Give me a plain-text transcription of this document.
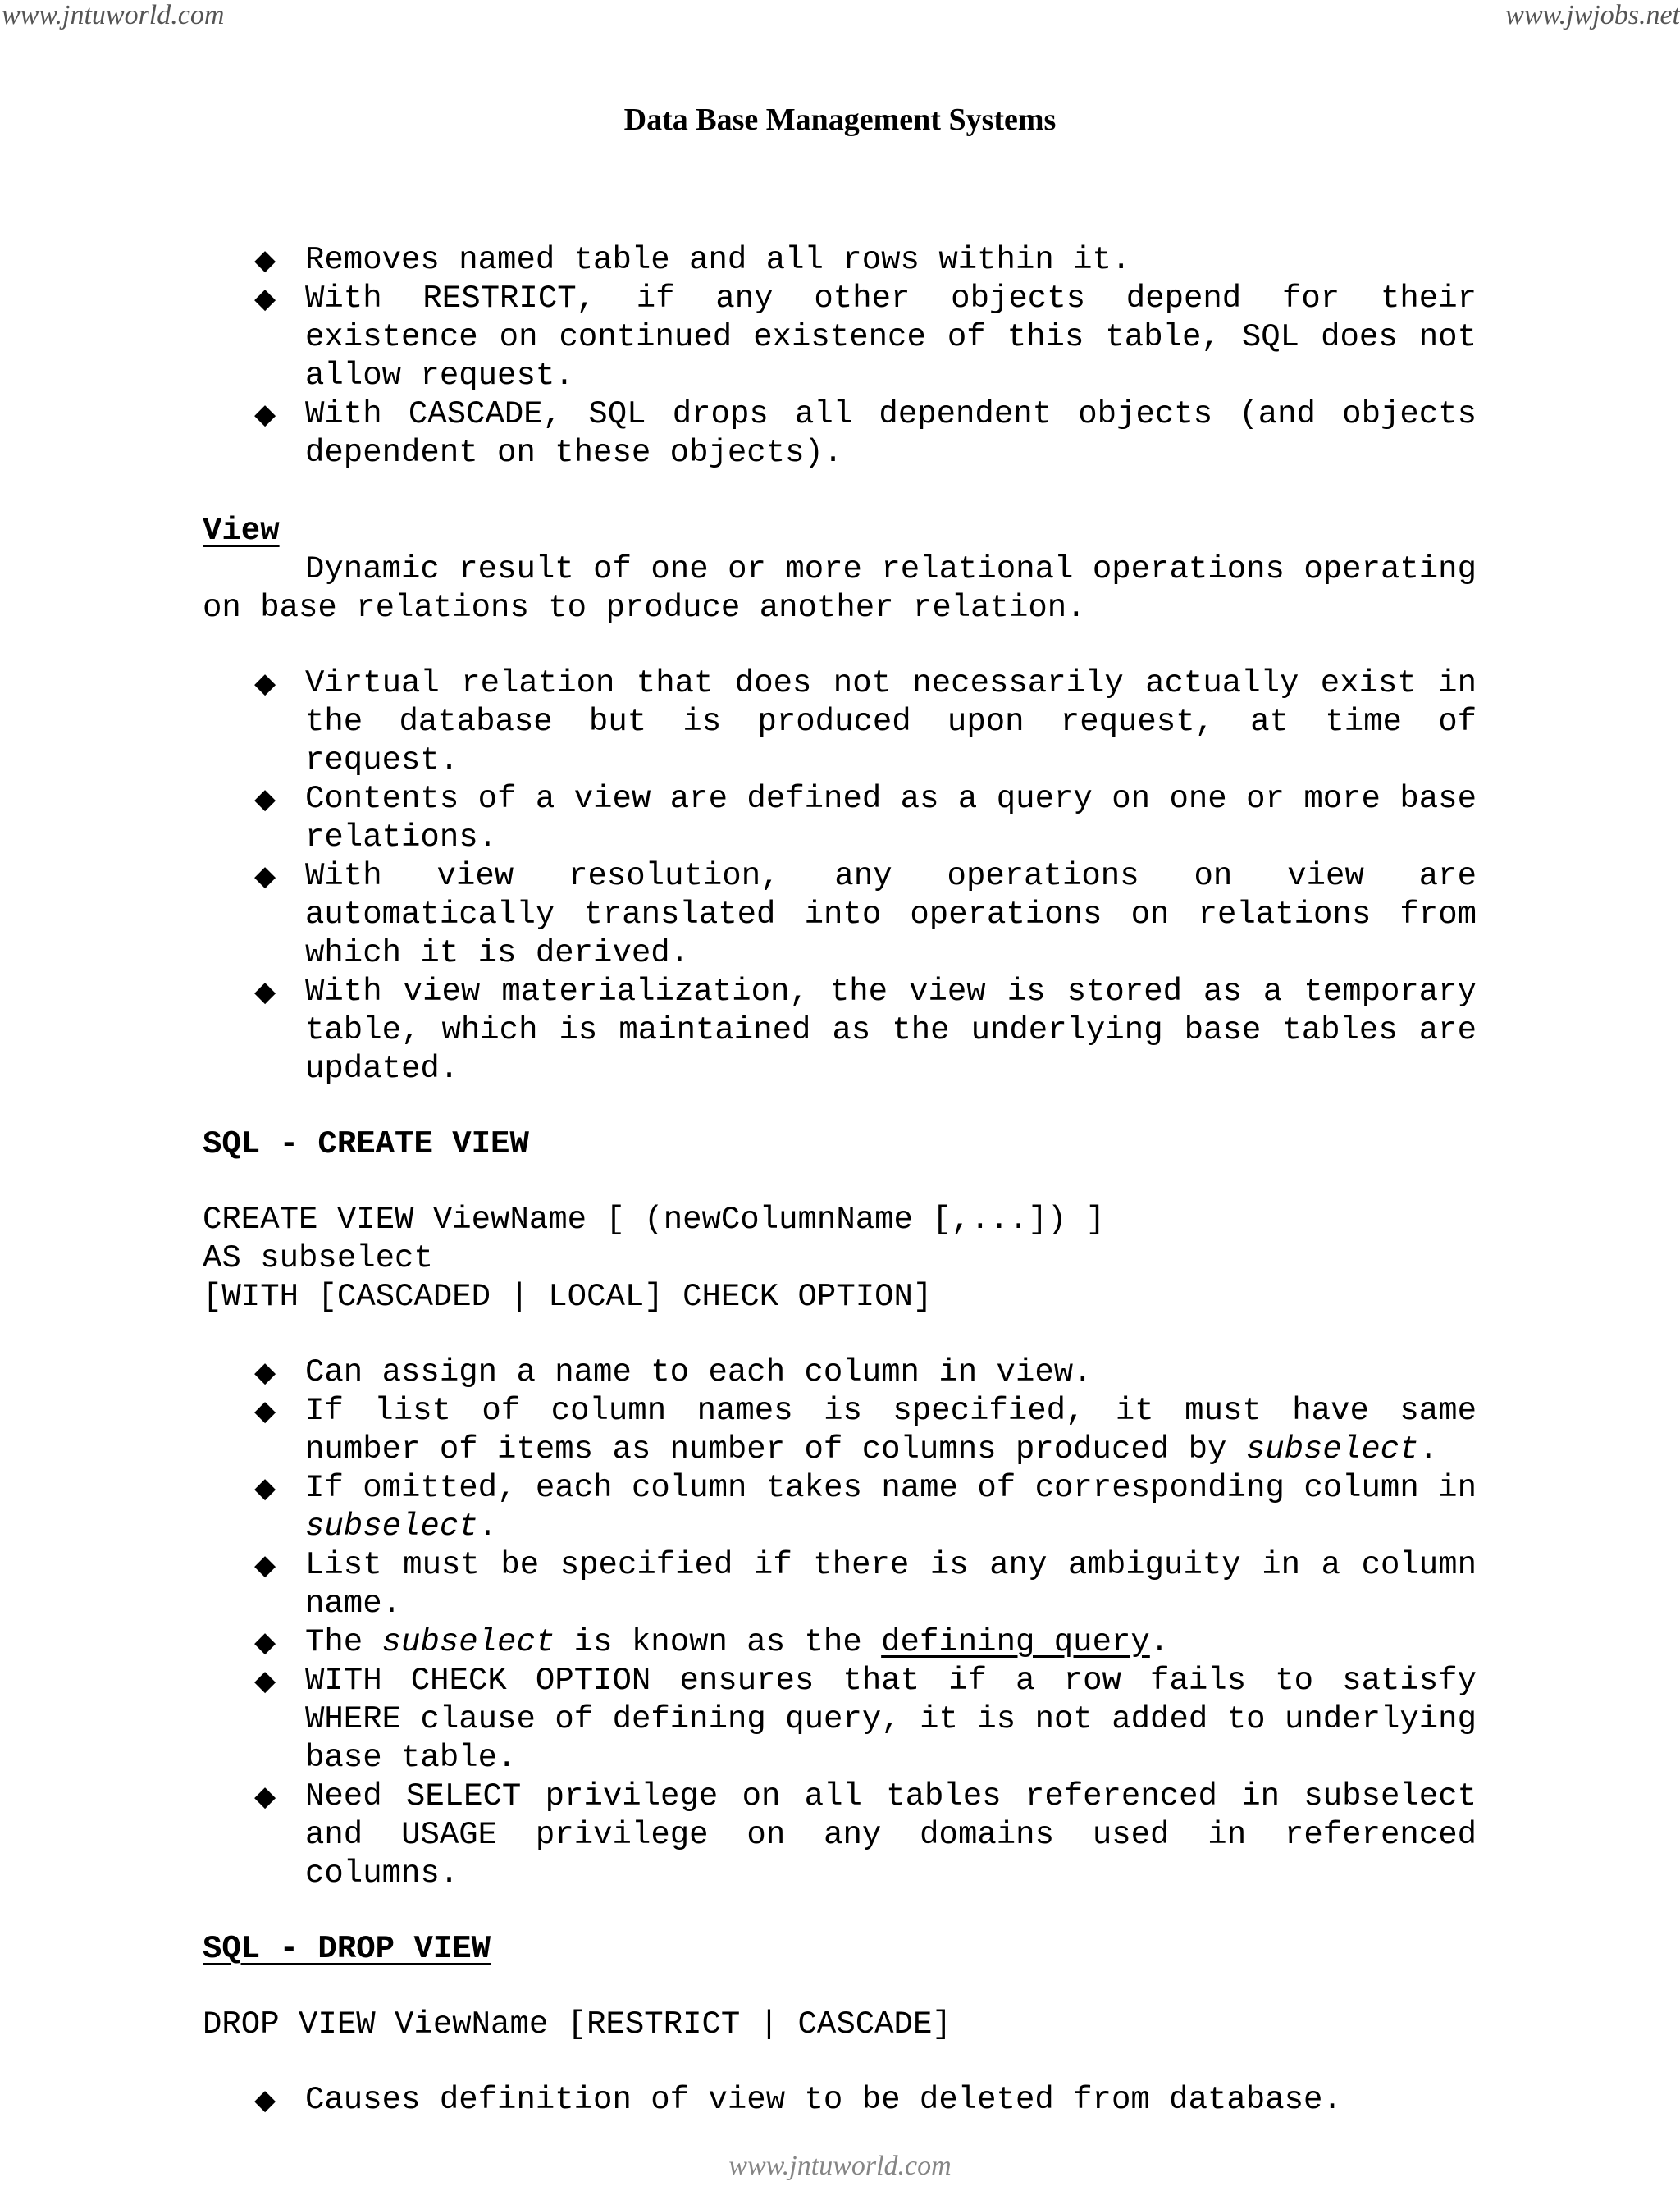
www.jntuworld.com	www.jwjobs.net
Data Base Management Systems
◆ Removes named table and all rows within it.
◆ With RESTRICT, if any other objects depend for their existence on continued existence of this table, SQL does not allow request.
◆ With CASCADE, SQL drops all dependent objects (and objects dependent on these objects).
View

Dynamic result of one or more relational operations operating on base relations to produce another relation.

◆ Virtual relation that does not necessarily actually exist in the database but is produced upon request, at time of request.
◆ Contents of a view are defined as a query on one or more base relations.
◆ With view resolution, any operations on view are automatically translated into operations on relations from which it is derived.
◆ With view materialization, the view is stored as a temporary table, which is maintained as the underlying base tables are updated.
SQL - CREATE VIEW

CREATE VIEW ViewName [ (newColumnName [,...]) ]

AS subselect

[WITH [CASCADED | LOCAL] CHECK OPTION]

◆ Can assign a name to each column in view.
◆ If list of column names is specified, it must have same number of items as number of columns produced by subselect.
◆ If omitted, each column takes name of corresponding column in subselect.
◆ List must be specified if there is any ambiguity in a column name.
◆ The subselect is known as the defining query.
◆ WITH CHECK OPTION ensures that if a row fails to satisfy WHERE clause of defining query, it is not added to underlying base table.
◆ Need SELECT privilege on all tables referenced in subselect and USAGE privilege on any domains used in referenced columns.
SQL - DROP VIEW

DROP VIEW ViewName [RESTRICT | CASCADE]

◆ Causes definition of view to be deleted from database.
www.jntuworld.com
